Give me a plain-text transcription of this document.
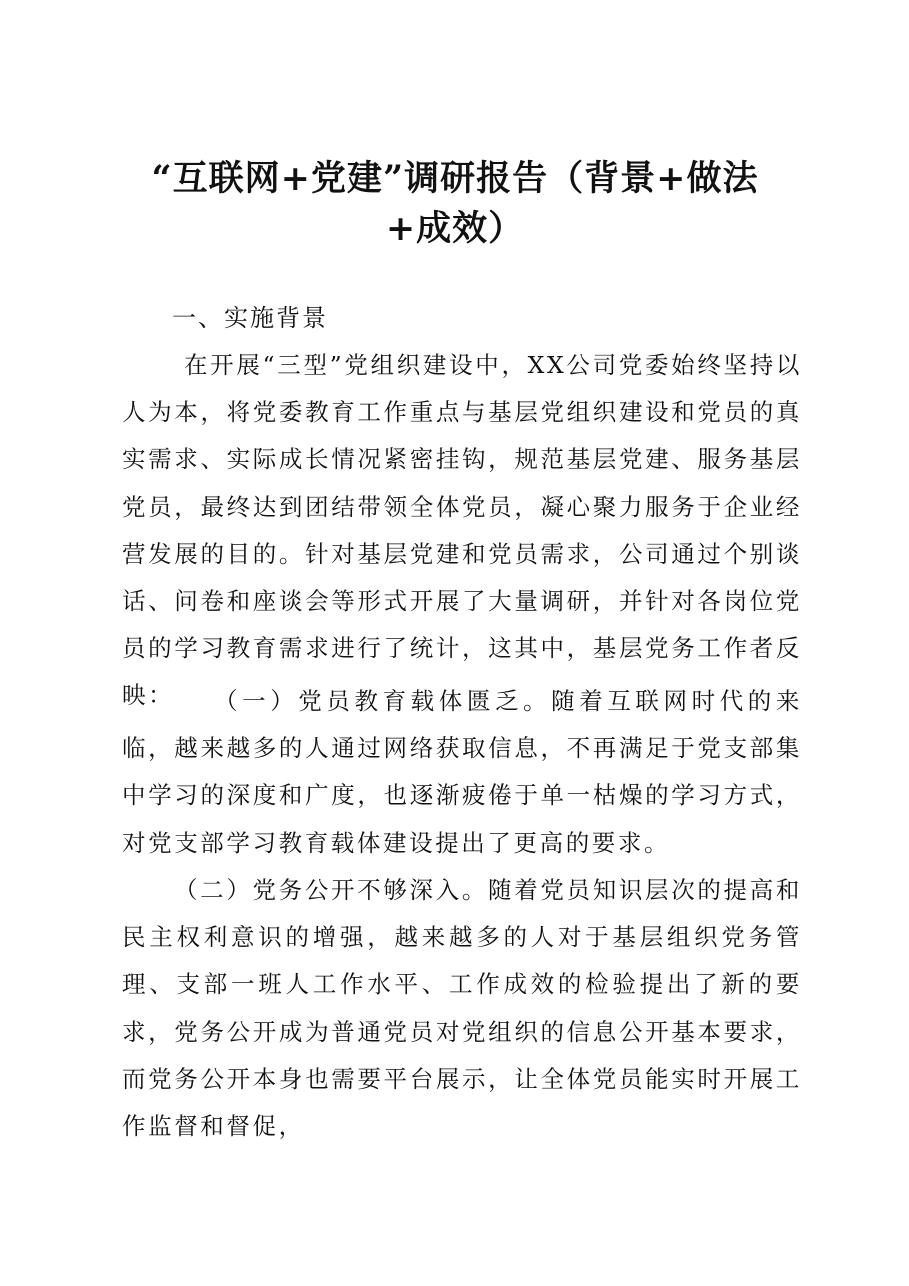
“互联网+党建”调研报告（背景+做法+成效）

一、实施背景

在开展“三型”党组织建设中，XX公司党委始终坚持以人为本，将党委教育工作重点与基层党组织建设和党员的真实需求、实际成长情况紧密挂钩，规范基层党建、服务基层党员，最终达到团结带领全体党员，凝心聚力服务于企业经营发展的目的。针对基层党建和党员需求，公司通过个别谈话、问卷和座谈会等形式开展了大量调研，并针对各岗位党员的学习教育需求进行了统计，这其中，基层党务工作者反映：	（一）党员教育载体匮乏。随着互联网时代的来临，越来越多的人通过网络获取信息，不再满足于党支部集中学习的深度和广度，也逐渐疲倦于单一枯燥的学习方式，对党支部学习教育载体建设提出了更高的要求。

（二）党务公开不够深入。随着党员知识层次的提高和民主权利意识的增强，越来越多的人对于基层组织党务管理、支部一班人工作水平、工作成效的检验提出了新的要求，党务公开成为普通党员对党组织的信息公开基本要求，而党务公开本身也需要平台展示，让全体党员能实时开展工作监督和督促，
